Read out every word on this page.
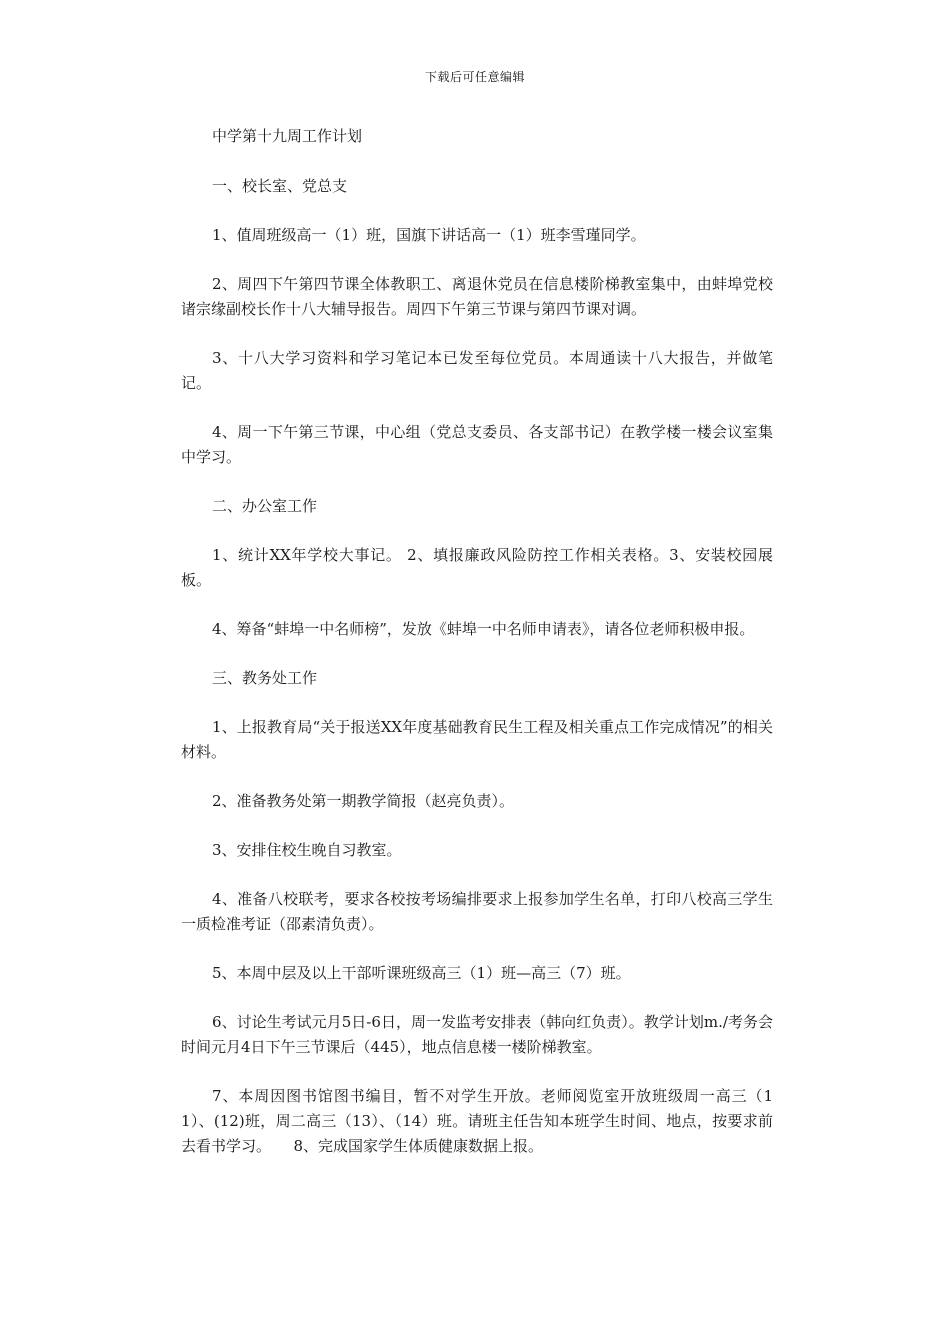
下载后可任意编辑
中学第十九周工作计划
一、校长室、党总支
1、值周班级高一（1）班，国旗下讲话高一（1）班李雪瑾同学。
2、周四下午第四节课全体教职工、离退休党员在信息楼阶梯教室集中，由蚌埠党校诸宗缘副校长作十八大辅导报告。周四下午第三节课与第四节课对调。
3、十八大学习资料和学习笔记本已发至每位党员。本周通读十八大报告，并做笔记。
4、周一下午第三节课，中心组（党总支委员、各支部书记）在教学楼一楼会议室集中学习。
二、办公室工作
1、统计XX年学校大事记。 2、填报廉政风险防控工作相关表格。3、安装校园展板。
4、筹备“蚌埠一中名师榜”，发放《蚌埠一中名师申请表》，请各位老师积极申报。
三、教务处工作
1、上报教育局“关于报送XX年度基础教育民生工程及相关重点工作完成情况”的相关材料。
2、准备教务处第一期教学简报（赵亮负责）。
3、安排住校生晚自习教室。
4、准备八校联考，要求各校按考场编排要求上报参加学生名单，打印八校高三学生一质检准考证（邵素清负责）。
5、本周中层及以上干部听课班级高三（1）班—高三（7）班。
6、讨论生考试元月5日-6日，周一发监考安排表（韩向红负责）。教学计划m./考务会时间元月4日下午三节课后（445），地点信息楼一楼阶梯教室。
7、本周因图书馆图书编目，暂不对学生开放。老师阅览室开放班级周一高三（11）、(12)班，周二高三（13）、（14）班。请班主任告知本班学生时间、地点，按要求前去看书学习。　　8、完成国家学生体质健康数据上报。
